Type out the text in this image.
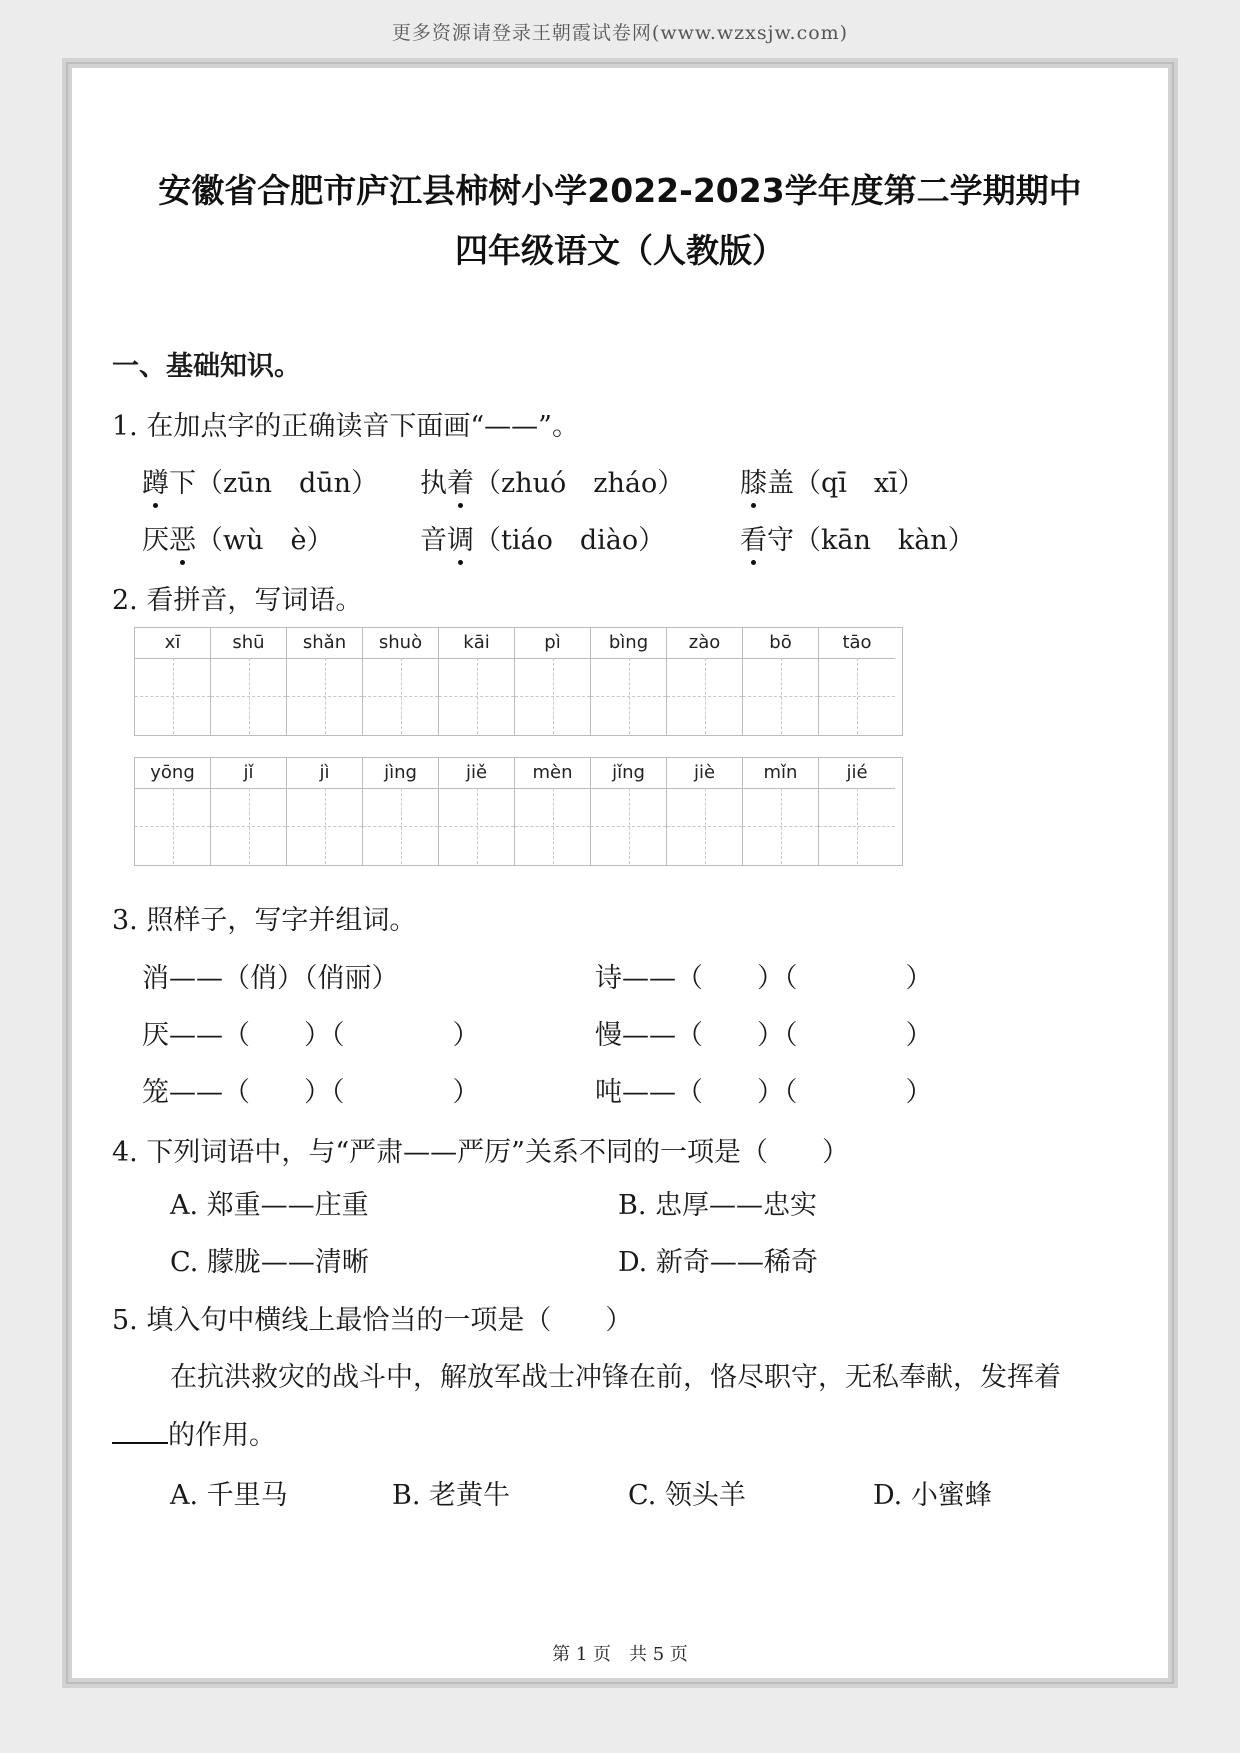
更多资源请登录王朝霞试卷网(www.wzxsjw.com)
安徽省合肥市庐江县柿树小学2022-2023学年度第二学期期中
四年级语文（人教版）
一、基础知识。
1. 在加点字的正确读音下面画“——”。
蹲下（zūn　dūn） 执着（zhuó　zháo） 膝盖（qī　xī）
厌恶（wù　è）	音调（tiáo　diào）	看守（kān　kàn）
2. 看拼音，写词语。
xī	shū	shǎn	shuò	kāi	pì	bìng	zào	bō	tāo
yōng	jǐ	jì	jìng	jiě	mèn	jǐng	jiè	mǐn	jié
3. 照样子，写字并组词。
消——（俏）（俏丽）	诗——（　　）（　　　　）
厌——（　　）（　　　　）	慢——（　　）（　　　　）
笼——（　　）（　　　　）	吨——（　　）（　　　　）
4. 下列词语中，与“严肃——严厉”关系不同的一项是（　　）
A. 郑重——庄重	B. 忠厚——忠实
C. 朦胧——清晰	D. 新奇——稀奇
5. 填入句中横线上最恰当的一项是（　　）
在抗洪救灾的战斗中，解放军战士冲锋在前，恪尽职守，无私奉献，发挥着
的作用。
A. 千里马	B. 老黄牛	C. 领头羊	D. 小蜜蜂
第 1 页　共 5 页
